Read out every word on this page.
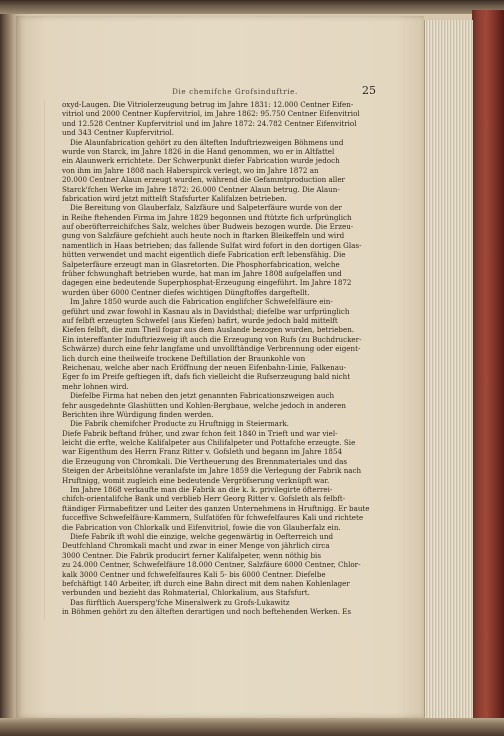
Die chemifche Grofsinduftrie.	25
oxyd-Laugen. Die Vitriolerzeugung betrug im Jahre 1831: 12.000 Centner Eifen-
vitriol und 2000 Centner Kupfervitriol, im Jahre 1862: 95.750 Centner Eifenvitriol
und 12.528 Centner Kupfervitriol und im Jahre 1872: 24.782 Centner Eifenvitriol
und 343 Centner Kupfervitriol.
Die Alaunfabrication gehört zu den älteften Induftriezweigen Böhmens und
wurde von Starck, im Jahre 1826 in die Hand genommen, wo er in Altfattel
ein Alaunwerk errichtete. Der Schwerpunkt diefer Fabrication wurde jedoch
von ihm im Jahre 1808 nach Haberspirck verlegt, wo im Jahre 1872 an
20.000 Centner Alaun erzeugt wurden, während die Gefammtproduction aller
Starck'fchen Werke im Jahre 1872: 26.000 Centner Alaun betrug. Die Alaun-
fabrication wird jetzt mittelft Stafsfurter Kalifalzen betrieben.
Die Bereitung von Glauberfalz, Salzfäure und Salpeterfäure wurde von der
in Reihe ftehenden Firma im Jahre 1829 begonnen und ftützte fich urfprünglich
auf oberöfterreichifches Salz, welches über Budweis bezogen wurde. Die Erzeu-
gung von Salzfäure gefchieht auch heute noch in ftarken Bleikeffeln und wird
namentlich in Haas betrieben; das fallende Sulfat wird fofort in den dortigen Glas-
hütten verwendet und macht eigentlich diefe Fabrication erft lebensfähig. Die
Salpeterfäure erzeugt man in Glasretorten. Die Phosphorfabrication, welche
früher fchwunghaft betrieben wurde, hat man im Jahre 1808 aufgelaffen und
dagegen eine bedeutende Superphosphat-Erzeugung eingeführt. Im Jahre 1872
wurden über 6000 Centner diefes wichtigen Düngftoffes dargeftellt.
Im Jahre 1850 wurde auch die Fabrication englifcher Schwefelfäure ein-
geführt und zwar fowohl in Kasnau als in Davidsthal; diefelbe war urfprünglich
auf felbft erzeugten Schwefel (aus Kiefen) bafirt, wurde jedoch bald mittelft
Kiefen felbft, die zum Theil fogar aus dem Auslande bezogen wurden, betrieben.
Ein intereffanter Induftriezweig ift auch die Erzeugung von Rufs (zu Buchdrucker-
Schwärze) durch eine fehr langfame und unvollftändige Verbrennung oder eigent-
lich durch eine theilweife trockene Deftillation der Braunkohle von
Reichenau, welche aber nach Eröffnung der neuen Eifenbahn-Linie, Falkenau-
Eger fo im Preife geftiegen ift, dafs fich vielleicht die Rufserzeugung bald nicht
mehr lohnen wird.
Diefelbe Firma hat neben den jetzt genannten Fabricationszweigen auch
fehr ausgedehnte Glashütten und Kohlen-Bergbaue, welche jedoch in anderen
Berichten ihre Würdigung finden werden.
Die Fabrik chemifcher Producte zu Hruftnigg in Steiermark.
Diefe Fabrik beftand früher, und zwar fchon feit 1840 in Trieft und war viel-
leicht die erfte, welche Kalifalpeter aus Chilifalpeter und Pottafche erzeugte. Sie
war Eigenthum des Herrn Franz Ritter v. Gofsleth und begann im Jahre 1854
die Erzeugung von Chromkali. Die Vertheuerung des Brennmateriales und das
Steigen der Arbeitslöhne veranlafste im Jahre 1859 die Verlegung der Fabrik nach
Hruftnigg, womit zugleich eine bedeutende Vergröfserung verknüpft war.
Im Jahre 1868 verkaufte man die Fabrik an die k. k. privilegirte öfterrei-
chifch-orientalifche Bank und verblieb Herr Georg Ritter v. Gofsleth als felbft-
ftändiger Firmabefitzer und Leiter des ganzen Unternehmens in Hruftnigg. Er baute
fucceffive Schwefelfäure-Kammern, Sulfatöfen für fchwefelfaures Kali und richtete
die Fabrication von Chlorkalk und Eifenvitriol, fowie die von Glauberfalz ein.
Diefe Fabrik ift wohl die einzige, welche gegenwärtig in Oefterreich und
Deutfchland Chromkali macht und zwar in einer Menge von jährlich circa
3000 Centner. Die Fabrik producirt ferner Kalifalpeter, wenn nöthig bis
zu 24.000 Centner, Schwefelfäure 18.000 Centner, Salzfäure 6000 Centner, Chlor-
kalk 3000 Centner und fchwefelfaures Kali 5- bis 6000 Centner. Diefelbe
befchäftigt 140 Arbeiter, ift durch eine Bahn direct mit dem nahen Kohlenlager
verbunden und bezieht das Rohmaterial, Chlorkalium, aus Stafsfurt.
Das fürftlich Auersperg'fche Mineralwerk zu Grofs-Lukawitz
in Böhmen gehört zu den älteften derartigen und noch beftehenden Werken. Es
